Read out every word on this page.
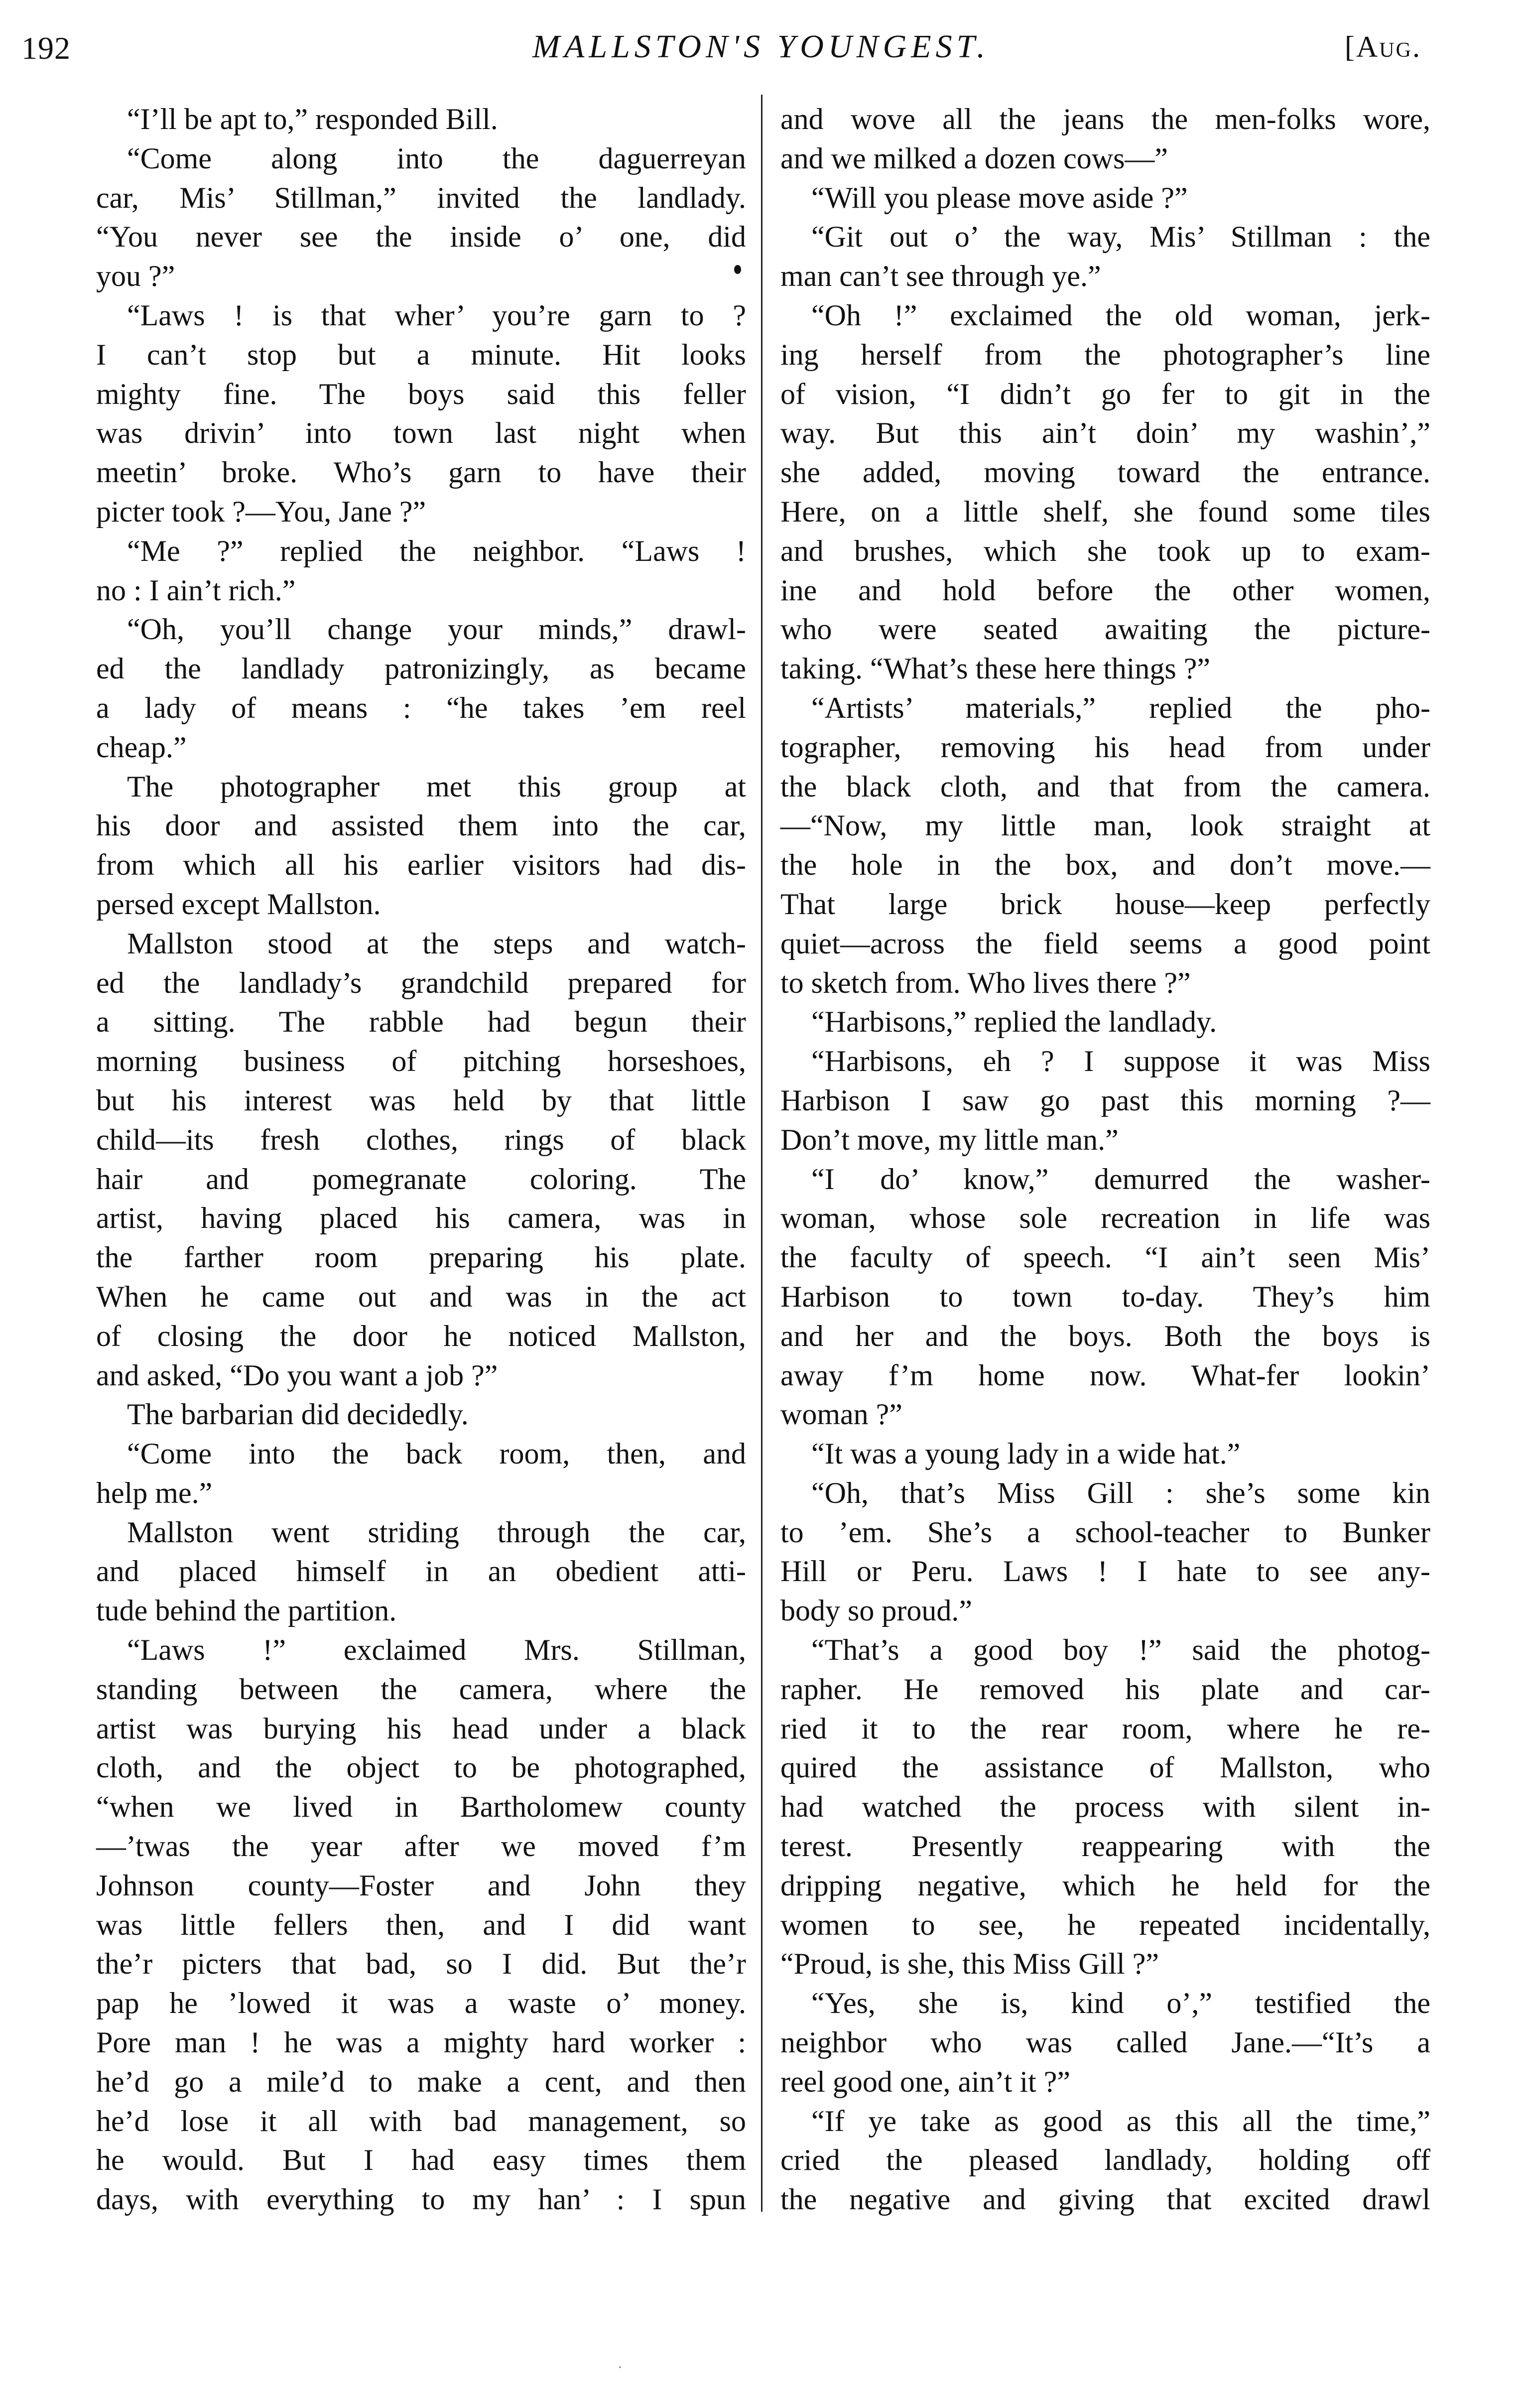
192	MALLSTON'S YOUNGEST.	[Aug.
“I’ll be apt to,” responded Bill.
“Come along into the daguerreyan
car, Mis’ Stillman,” invited the landlady.
“You never see the inside o’ one, did
you ?”
“Laws ! is that wher’ you’re garn to ?
I can’t stop but a minute. Hit looks
mighty fine. The boys said this feller
was drivin’ into town last night when
meetin’ broke. Who’s garn to have their
picter took ?—You, Jane ?”
“Me ?” replied the neighbor. “Laws !
no : I ain’t rich.”
“Oh, you’ll change your minds,” drawl-
ed the landlady patronizingly, as became
a lady of means : “he takes ’em reel
cheap.”
The photographer met this group at
his door and assisted them into the car,
from which all his earlier visitors had dis-
persed except Mallston.
Mallston stood at the steps and watch-
ed the landlady’s grandchild prepared for
a sitting. The rabble had begun their
morning business of pitching horseshoes,
but his interest was held by that little
child—its fresh clothes, rings of black
hair and pomegranate coloring. The
artist, having placed his camera, was in
the farther room preparing his plate.
When he came out and was in the act
of closing the door he noticed Mallston,
and asked, “Do you want a job ?”
The barbarian did decidedly.
“Come into the back room, then, and
help me.”
Mallston went striding through the car,
and placed himself in an obedient atti-
tude behind the partition.
“Laws !” exclaimed Mrs. Stillman,
standing between the camera, where the
artist was burying his head under a black
cloth, and the object to be photographed,
“when we lived in Bartholomew county
—’twas the year after we moved f’m
Johnson county—Foster and John they
was little fellers then, and I did want
the’r picters that bad, so I did. But the’r
pap he ’lowed it was a waste o’ money.
Pore man ! he was a mighty hard worker :
he’d go a mile’d to make a cent, and then
he’d lose it all with bad management, so
he would. But I had easy times them
days, with everything to my han’ : I spun
and wove all the jeans the men-folks wore,
and we milked a dozen cows—”
“Will you please move aside ?”
“Git out o’ the way, Mis’ Stillman : the
man can’t see through ye.”
“Oh !” exclaimed the old woman, jerk-
ing herself from the photographer’s line
of vision, “I didn’t go fer to git in the
way. But this ain’t doin’ my washin’,”
she added, moving toward the entrance.
Here, on a little shelf, she found some tiles
and brushes, which she took up to exam-
ine and hold before the other women,
who were seated awaiting the picture-
taking. “What’s these here things ?”
“Artists’ materials,” replied the pho-
tographer, removing his head from under
the black cloth, and that from the camera.
—“Now, my little man, look straight at
the hole in the box, and don’t move.—
That large brick house—keep perfectly
quiet—across the field seems a good point
to sketch from. Who lives there ?”
“Harbisons,” replied the landlady.
“Harbisons, eh ? I suppose it was Miss
Harbison I saw go past this morning ?—
Don’t move, my little man.”
“I do’ know,” demurred the washer-
woman, whose sole recreation in life was
the faculty of speech. “I ain’t seen Mis’
Harbison to town to-day. They’s him
and her and the boys. Both the boys is
away f’m home now. What-fer lookin’
woman ?”
“It was a young lady in a wide hat.”
“Oh, that’s Miss Gill : she’s some kin
to ’em. She’s a school-teacher to Bunker
Hill or Peru. Laws ! I hate to see any-
body so proud.”
“That’s a good boy !” said the photog-
rapher. He removed his plate and car-
ried it to the rear room, where he re-
quired the assistance of Mallston, who
had watched the process with silent in-
terest. Presently reappearing with the
dripping negative, which he held for the
women to see, he repeated incidentally,
“Proud, is she, this Miss Gill ?”
“Yes, she is, kind o’,” testified the
neighbor who was called Jane.—“It’s a
reel good one, ain’t it ?”
“If ye take as good as this all the time,”
cried the pleased landlady, holding off
the negative and giving that excited drawl
